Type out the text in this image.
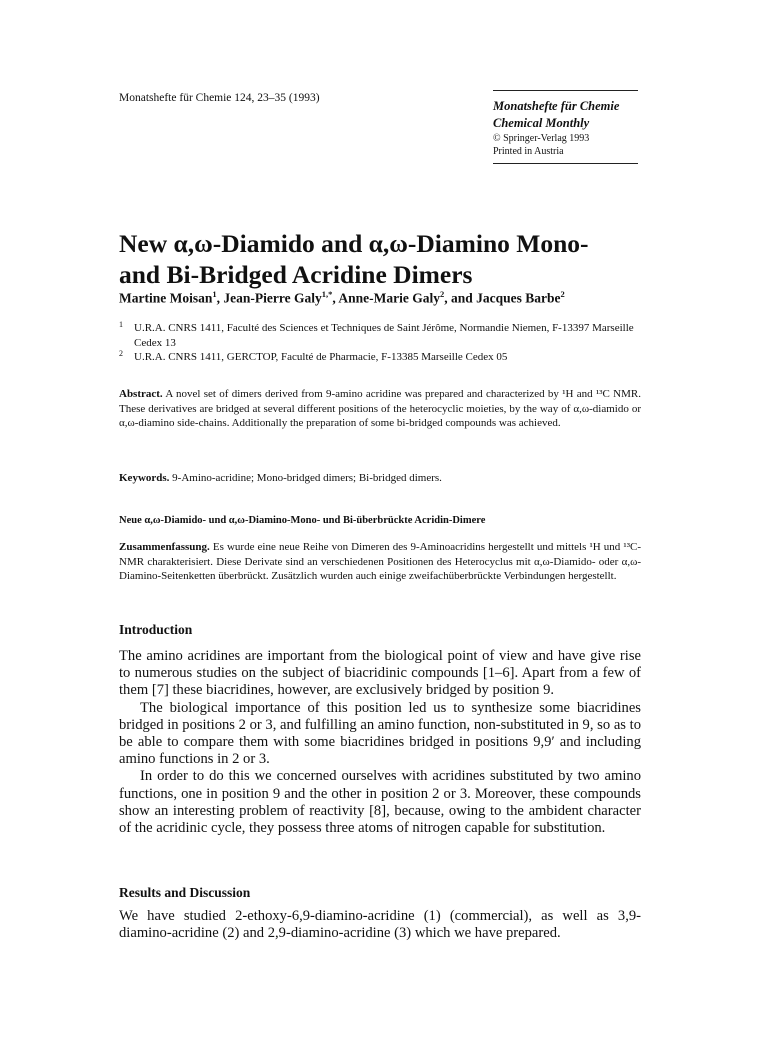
Monatshefte für Chemie 124, 23–35 (1993)
Monatshefte für Chemie
Chemical Monthly
© Springer-Verlag 1993
Printed in Austria
New α,ω-Diamido and α,ω-Diamino Mono-
and Bi-Bridged Acridine Dimers
Martine Moisan$^1$, Jean-Pierre Galy$^{1,*}$, Anne-Marie Galy$^2$, and Jacques Barbe$^2$
1 U.R.A. CNRS 1411, Faculté des Sciences et Techniques de Saint Jérôme, Normandie Niemen, F-13397 Marseille Cedex 13
2 U.R.A. CNRS 1411, GERCTOP, Faculté de Pharmacie, F-13385 Marseille Cedex 05
Abstract. A novel set of dimers derived from 9-amino acridine was prepared and characterized by ¹H and ¹³C NMR. These derivatives are bridged at several different positions of the heterocyclic moieties, by the way of α,ω-diamido or α,ω-diamino side-chains. Additionally the preparation of some bi-bridged compounds was achieved.
Keywords. 9-Amino-acridine; Mono-bridged dimers; Bi-bridged dimers.
Neue α,ω-Diamido- und α,ω-Diamino-Mono- und Bi-überbrückte Acridin-Dimere
Zusammenfassung. Es wurde eine neue Reihe von Dimeren des 9-Aminoacridins hergestellt und mittels ¹H und ¹³C-NMR charakterisiert. Diese Derivate sind an verschiedenen Positionen des Heterocyclus mit α,ω-Diamido- oder α,ω-Diamino-Seitenketten überbrückt. Zusätzlich wurden auch einige zweifachüberbrückte Verbindungen hergestellt.
Introduction

The amino acridines are important from the biological point of view and have give rise to numerous studies on the subject of biacridinic compounds [1–6]. Apart from a few of them [7] these biacridines, however, are exclusively bridged by position 9.

The biological importance of this position led us to synthesize some biacridines bridged in positions 2 or 3, and fulfilling an amino function, non-substituted in 9, so as to be able to compare them with some biacridines bridged in positions 9,9′ and including amino functions in 2 or 3.

In order to do this we concerned ourselves with acridines substituted by two amino functions, one in position 9 and the other in position 2 or 3. Moreover, these compounds show an interesting problem of reactivity [8], because, owing to the ambident character of the acridinic cycle, they possess three atoms of nitrogen capable for substitution.

Results and Discussion

We have studied 2-ethoxy-6,9-diamino-acridine (1) (commercial), as well as 3,9-diamino-acridine (2) and 2,9-diamino-acridine (3) which we have prepared.
